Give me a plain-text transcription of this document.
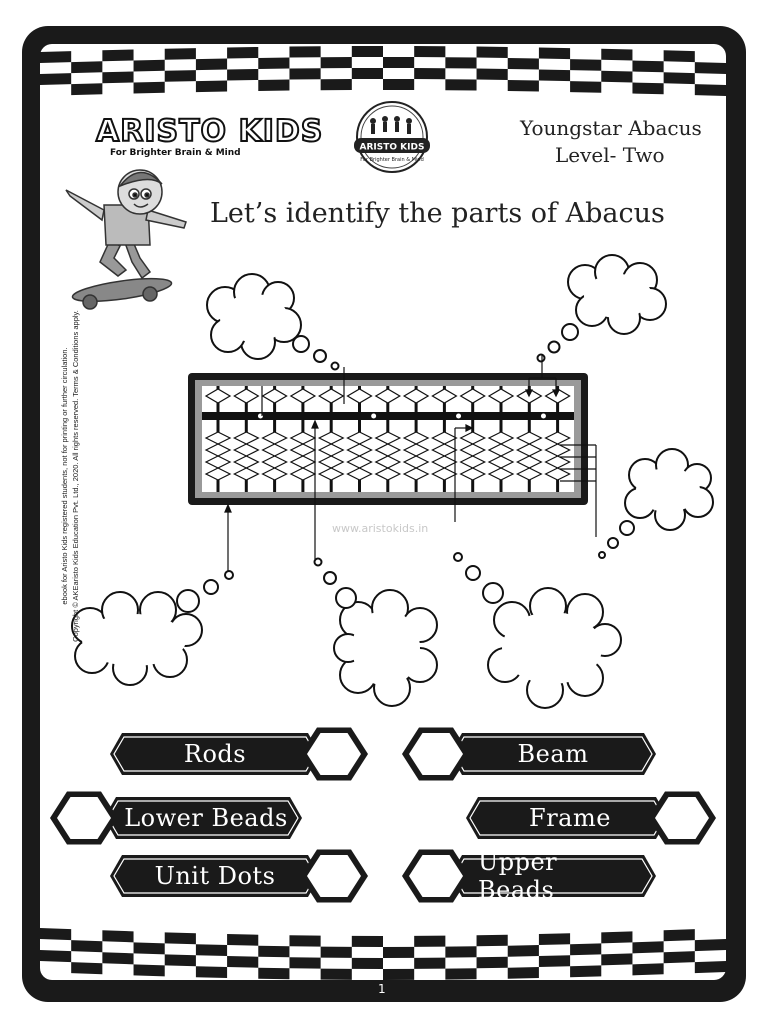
ARISTO KIDS
For Brighter Brain & Mind
ARISTO KIDS
For Brighter Brain & Mind
Youngstar Abacus
Level- Two
Let’s identify the parts of Abacus
www.aristokids.in
ebook for Aristo Kids registered students, not for printing or further circulation. Copyright © AKEaristo Kids Education Pvt. Ltd., 2020. All rights reserved. Terms & Conditions apply.
Rods	Beam
Lower Beads	Frame
Unit Dots	Upper Beads
1
